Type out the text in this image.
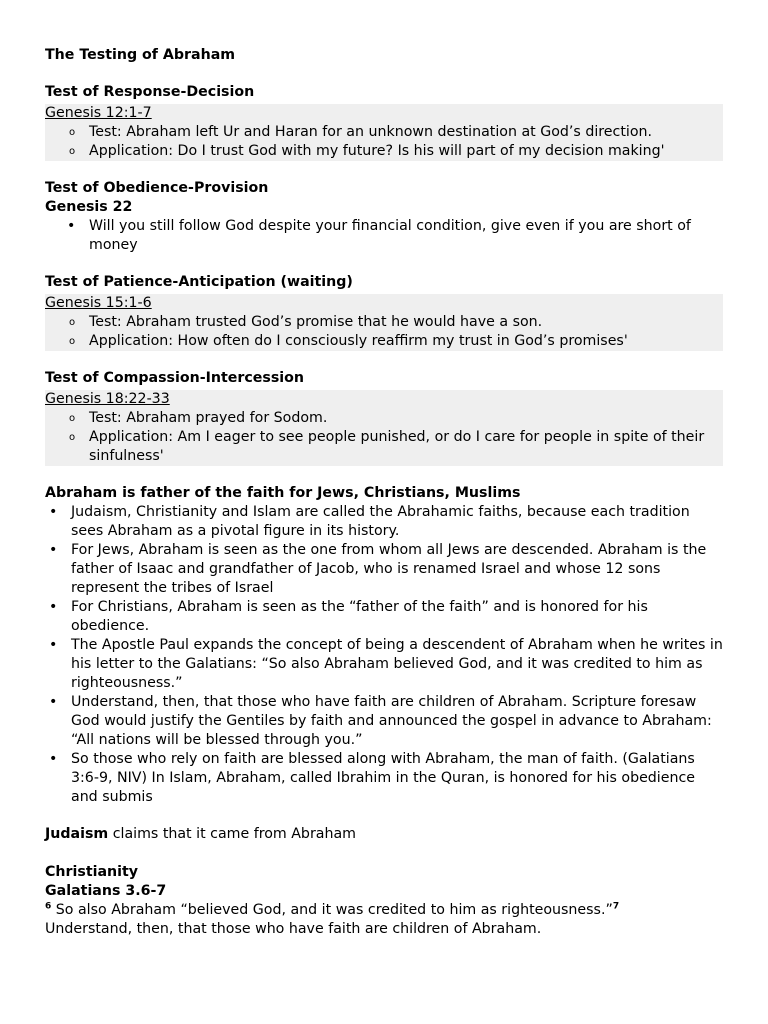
The Testing of Abraham

Test of Response-Decision

Genesis 12:1-7

o Test: Abraham left Ur and Haran for an unknown destination at God’s direction.
o Application: Do I trust God with my future? Is his will part of my decision making'

Test of Obedience-Provision

Genesis 22

• Will you still follow God despite your financial condition, give even if you are short of money

Test of Patience-Anticipation (waiting)

Genesis 15:1-6

o Test: Abraham trusted God’s promise that he would have a son.
o Application: How often do I consciously reaffirm my trust in God’s promises'

Test of Compassion-Intercession

Genesis 18:22-33

o Test: Abraham prayed for Sodom.
o Application: Am I eager to see people punished, or do I care for people in spite of their sinfulness'

Abraham is father of the faith for Jews, Christians, Muslims

• Judaism, Christianity and Islam are called the Abrahamic faiths, because each tradition sees Abraham as a pivotal figure in its history.
• For Jews, Abraham is seen as the one from whom all Jews are descended. Abraham is the father of Isaac and grandfather of Jacob, who is renamed Israel and whose 12 sons represent the tribes of Israel
• For Christians, Abraham is seen as the “father of the faith” and is honored for his obedience.
• The Apostle Paul expands the concept of being a descendent of Abraham when he writes in his letter to the Galatians: “So also Abraham believed God, and it was credited to him as righteousness.”
• Understand, then, that those who have faith are children of Abraham. Scripture foresaw God would justify the Gentiles by faith and announced the gospel in advance to Abraham: “All nations will be blessed through you.”
• So those who rely on faith are blessed along with Abraham, the man of faith. (Galatians 3:6-9, NIV) In Islam, Abraham, called Ibrahim in the Quran, is honored for his obedience and submis

Judaism claims that it came from Abraham

Christianity

Galatians 3.6-7

$^6$ So also Abraham “believed God, and it was credited to him as righteousness.”$^7$

Understand, then, that those who have faith are children of Abraham.
